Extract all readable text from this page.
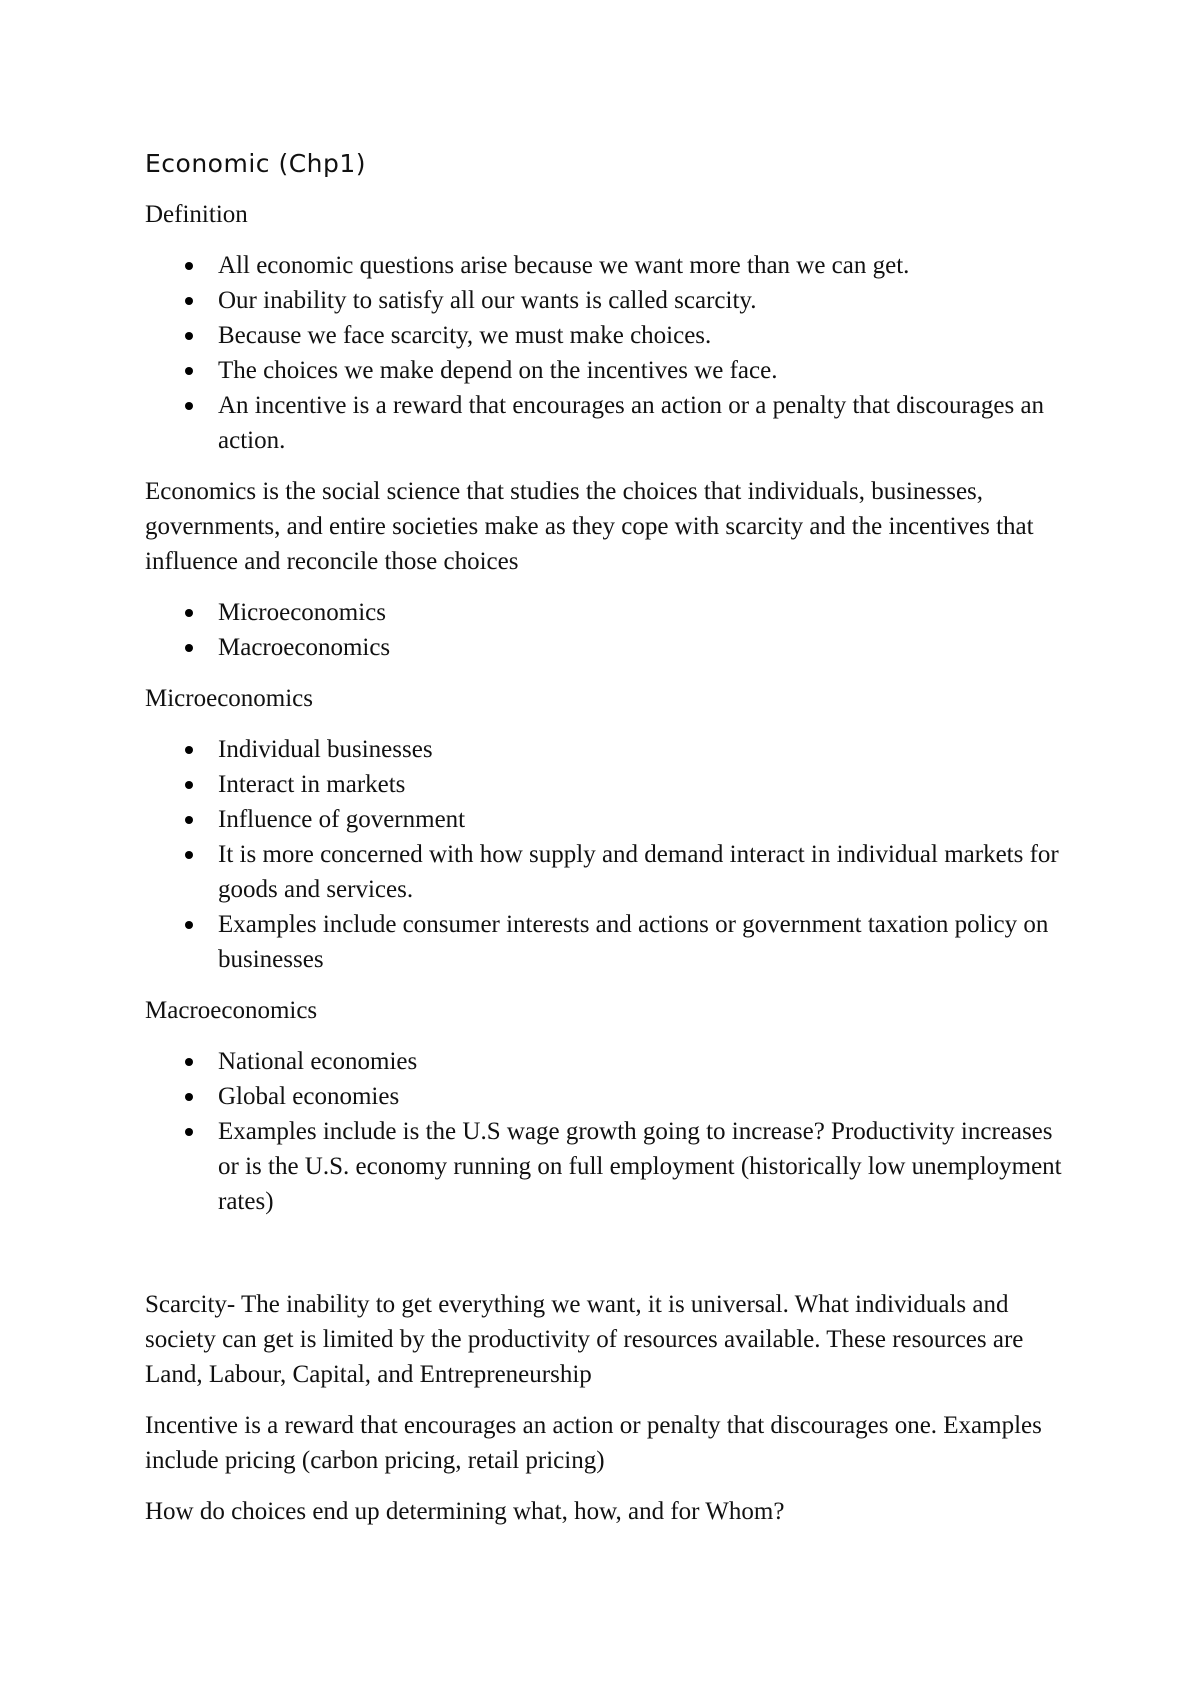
Economic (Chp1)
Definition
All economic questions arise because we want more than we can get.
Our inability to satisfy all our wants is called scarcity.
Because we face scarcity, we must make choices.
The choices we make depend on the incentives we face.
An incentive is a reward that encourages an action or a penalty that discourages an action.
Economics is the social science that studies the choices that individuals, businesses, governments, and entire societies make as they cope with scarcity and the incentives that influence and reconcile those choices
Microeconomics
Macroeconomics
Microeconomics
Individual businesses
Interact in markets
Influence of government
It is more concerned with how supply and demand interact in individual markets for goods and services.
Examples include consumer interests and actions or government taxation policy on businesses
Macroeconomics
National economies
Global economies
Examples include is the U.S wage growth going to increase? Productivity increases or is the U.S. economy running on full employment (historically low unemployment rates)
Scarcity- The inability to get everything we want, it is universal. What individuals and society can get is limited by the productivity of resources available. These resources are Land, Labour, Capital, and Entrepreneurship
Incentive is a reward that encourages an action or penalty that discourages one. Examples include pricing (carbon pricing, retail pricing)
How do choices end up determining what, how, and for Whom?
